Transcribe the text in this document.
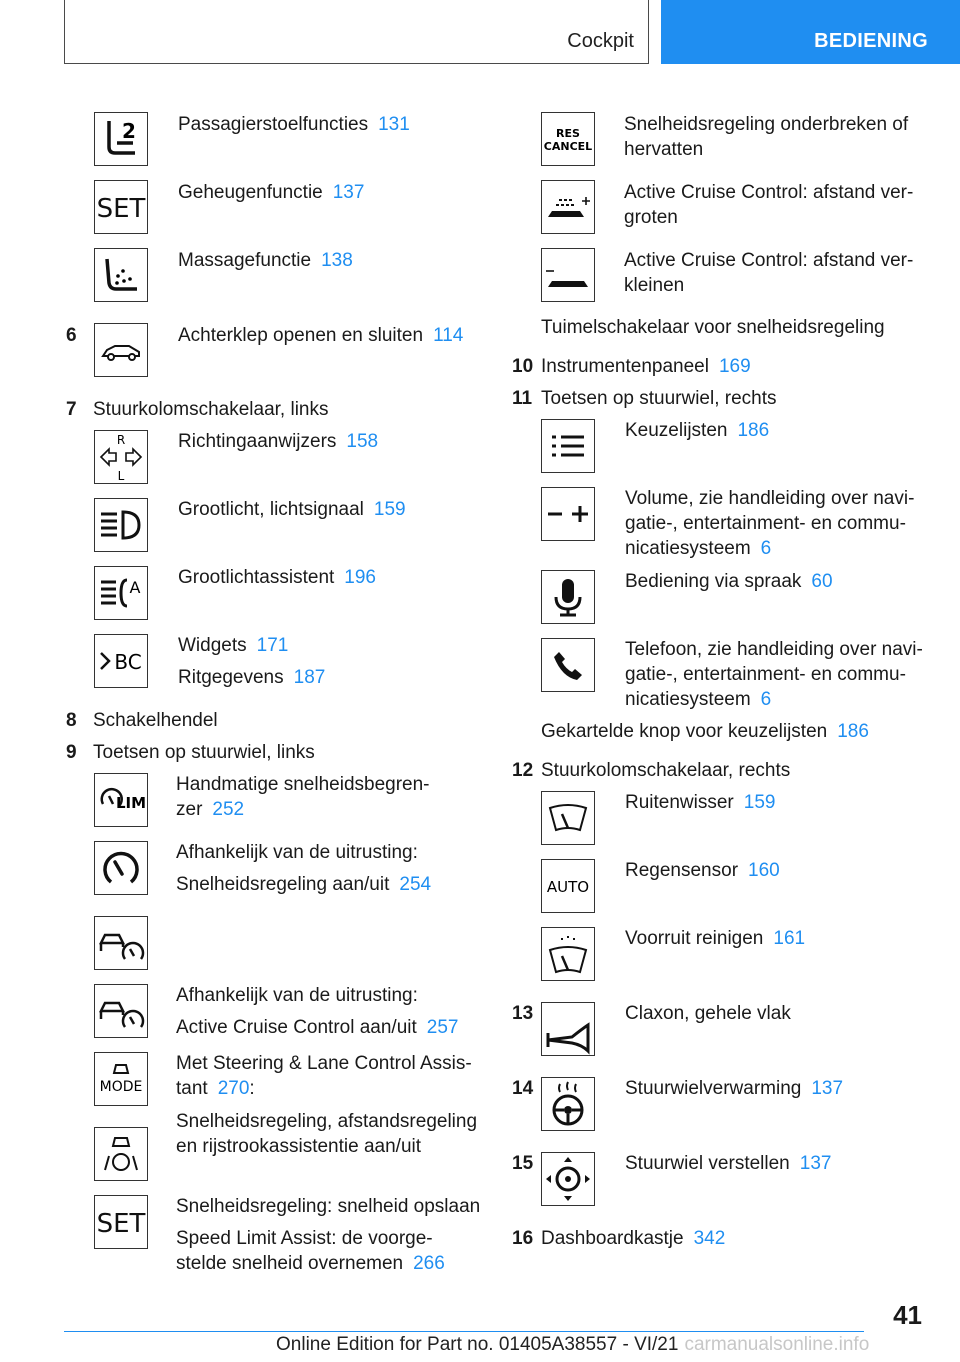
Cockpit	BEDIENING
2 Passagierstoelfuncties 131
SET
Geheugenfunctie 137
Massagefunctie 138
6	Achterklep openen en sluiten 114
7 Stuurkolomschakelaar, links
R
L
Richtingaanwijzers 158
Grootlicht, lichtsignaal 159
A Grootlichtassistent 196
BC
Widgets 171
Ritgegevens 187
8 Schakelhendel
9 Toetsen op stuurwiel, links
LIM
Handmatige snelheidsbegren-
zer 252
Afhankelijk van de uitrusting:
Snelheidsregeling aan/uit 254
Afhankelijk van de uitrusting:
Active Cruise Control aan/uit 257
MODE
Met Steering & Lane Control Assis-
tant 270:
Snelheidsregeling, afstandsregeling
en rijstrookassistentie aan/uit
SET
Snelheidsregeling: snelheid opslaan
Speed Limit Assist: de voorge-
stelde snelheid overnemen 266
RES
CANCEL
Snelheidsregeling onderbreken of
hervatten
Active Cruise Control: afstand ver-
groten
Active Cruise Control: afstand ver-
kleinen
Tuimelschakelaar voor snelheidsregeling
10 Instrumentenpaneel 169
11 Toetsen op stuurwiel, rechts
Keuzelijsten 186
Volume, zie handleiding over navi-
gatie-, entertainment- en commu-
nicatiesysteem 6
Bediening via spraak 60
Telefoon, zie handleiding over navi-
gatie-, entertainment- en commu-
nicatiesysteem 6
Gekartelde knop voor keuzelijsten 186
12 Stuurkolomschakelaar, rechts
Ruitenwisser 159
AUTO
Regensensor 160
Voorruit reinigen 161
13	Claxon, gehele vlak
14	Stuurwielverwarming 137
15	Stuurwiel verstellen 137
16 Dashboardkastje 342
41
Online Edition for Part no. 01405A38557 - VI/21 carmanualsonline.info
